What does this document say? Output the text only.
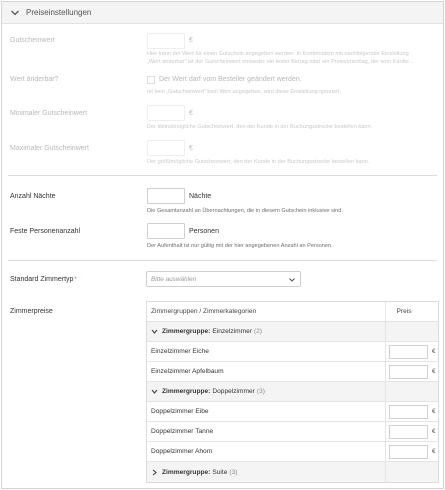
Preiseinstellungen
Gutscheinwert	€
Hier kann der Wert für einen Gutschein angegeben werden. In Kombination mit nachfolgender Einstellung
„Wert änderbar" ist der Gutscheinwert entweder ein fester Betrag oder ein Preisvorschlag, der vom Käufer...
Wert änderbar?	Der Wert darf vom Besteller geändert werden.
Ist kein „Gutscheinwert" kein Wert angegeben, wird diese Einstellung ignoriert.
Minimaler Gutscheinwert	€
Der kleinstmögliche Gutscheinwert, den der Kunde in der Buchungsstrecke bestellen kann.
Maximaler Gutscheinwert	€
Der größtmögliche Gutscheinwert, den der Kunde in der Buchungsstrecke bestellen kann.
Anzahl Nächte	Nächte
Die Gesamtanzahl an Übernachtungen, die in diesem Gutschein inklusive sind.
Feste Personenanzahl	Personen
Der Aufenthalt ist nur gültig mit der hier angegebenen Anzahl an Personen.
Standard Zimmertyp*	Bitte auswählen
Zimmerpreise	Zimmergruppen / Zimmerkategorien	Preis
Zimmergruppe: Einzelzimmer (2)
Einzelzimmer Eiche	€
Einzelzimmer Apfelbaum	€
Zimmergruppe: Doppelzimmer (3)
Doppelzimmer Eibe	€
Doppelzimmer Tanne	€
Doppelzimmer Ahorn	€
Zimmergruppe: Suite (3)
